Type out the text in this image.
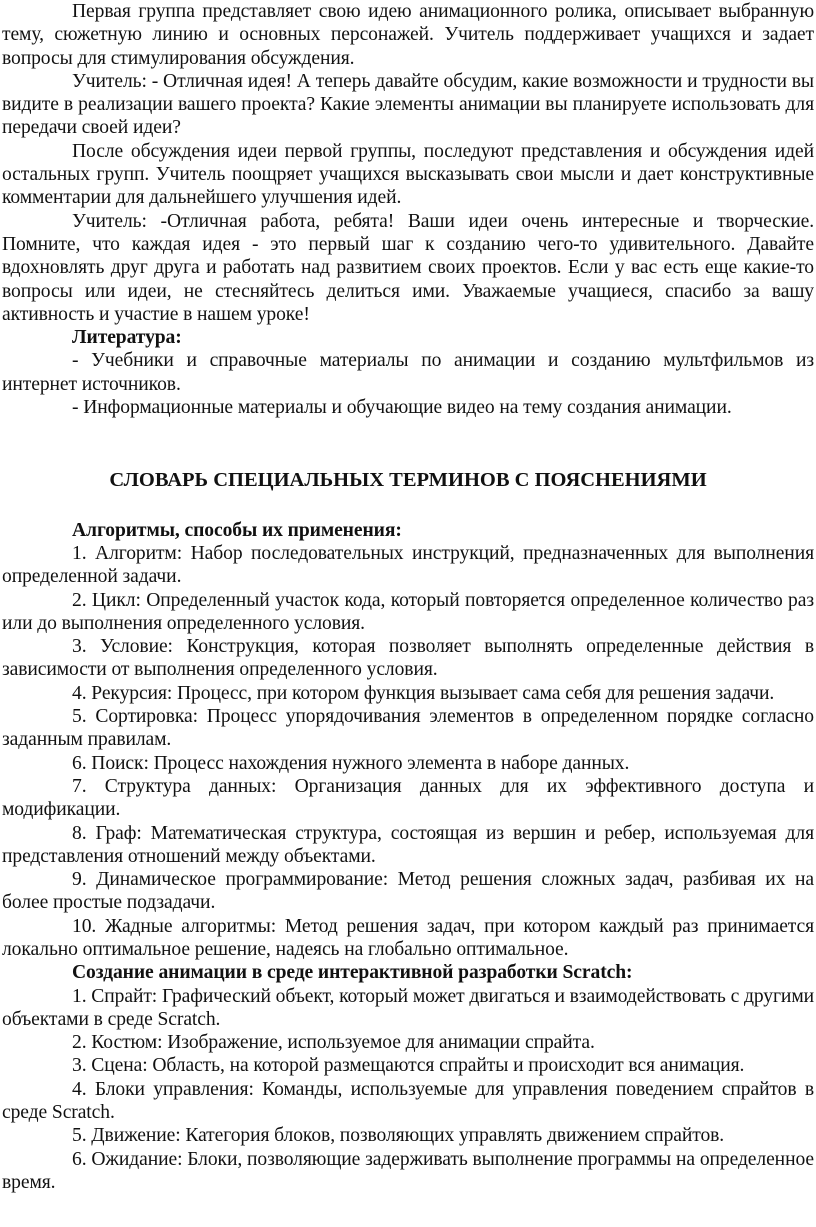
Первая группа представляет свою идею анимационного ролика, описывает выбранную тему, сюжетную линию и основных персонажей. Учитель поддерживает учащихся и задает вопросы для стимулирования обсуждения.

Учитель: - Отличная идея! А теперь давайте обсудим, какие возможности и трудности вы видите в реализации вашего проекта? Какие элементы анимации вы планируете использовать для передачи своей идеи?

После обсуждения идеи первой группы, последуют представления и обсуждения идей остальных групп. Учитель поощряет учащихся высказывать свои мысли и дает конструктивные комментарии для дальнейшего улучшения идей.

Учитель: -Отличная работа, ребята! Ваши идеи очень интересные и творческие. Помните, что каждая идея - это первый шаг к созданию чего-то удивительного. Давайте вдохновлять друг друга и работать над развитием своих проектов. Если у вас есть еще какие-то вопросы или идеи, не стесняйтесь делиться ими. Уважаемые учащиеся, спасибо за вашу активность и участие в нашем уроке!

Литература:

- Учебники и справочные материалы по анимации и созданию мультфильмов из интернет источников.

- Информационные материалы и обучающие видео на тему создания анимации.

СЛОВАРЬ СПЕЦИАЛЬНЫХ ТЕРМИНОВ С ПОЯСНЕНИЯМИ

Алгоритмы, способы их применения:

1. Алгоритм: Набор последовательных инструкций, предназначенных для выполнения определенной задачи.

2. Цикл: Определенный участок кода, который повторяется определенное количество раз или до выполнения определенного условия.

3. Условие: Конструкция, которая позволяет выполнять определенные действия в зависимости от выполнения определенного условия.

4. Рекурсия: Процесс, при котором функция вызывает сама себя для решения задачи.

5. Сортировка: Процесс упорядочивания элементов в определенном порядке согласно заданным правилам.

6. Поиск: Процесс нахождения нужного элемента в наборе данных.

7. Структура данных: Организация данных для их эффективного доступа и модификации.

8. Граф: Математическая структура, состоящая из вершин и ребер, используемая для представления отношений между объектами.

9. Динамическое программирование: Метод решения сложных задач, разбивая их на более простые подзадачи.

10. Жадные алгоритмы: Метод решения задач, при котором каждый раз принимается локально оптимальное решение, надеясь на глобально оптимальное.

Создание анимации в среде интерактивной разработки Scratch:

1. Спрайт: Графический объект, который может двигаться и взаимодействовать с другими объектами в среде Scratch.

2. Костюм: Изображение, используемое для анимации спрайта.

3. Сцена: Область, на которой размещаются спрайты и происходит вся анимация.

4. Блоки управления: Команды, используемые для управления поведением спрайтов в среде Scratch.

5. Движение: Категория блоков, позволяющих управлять движением спрайтов.

6. Ожидание: Блоки, позволяющие задерживать выполнение программы на определенное время.
